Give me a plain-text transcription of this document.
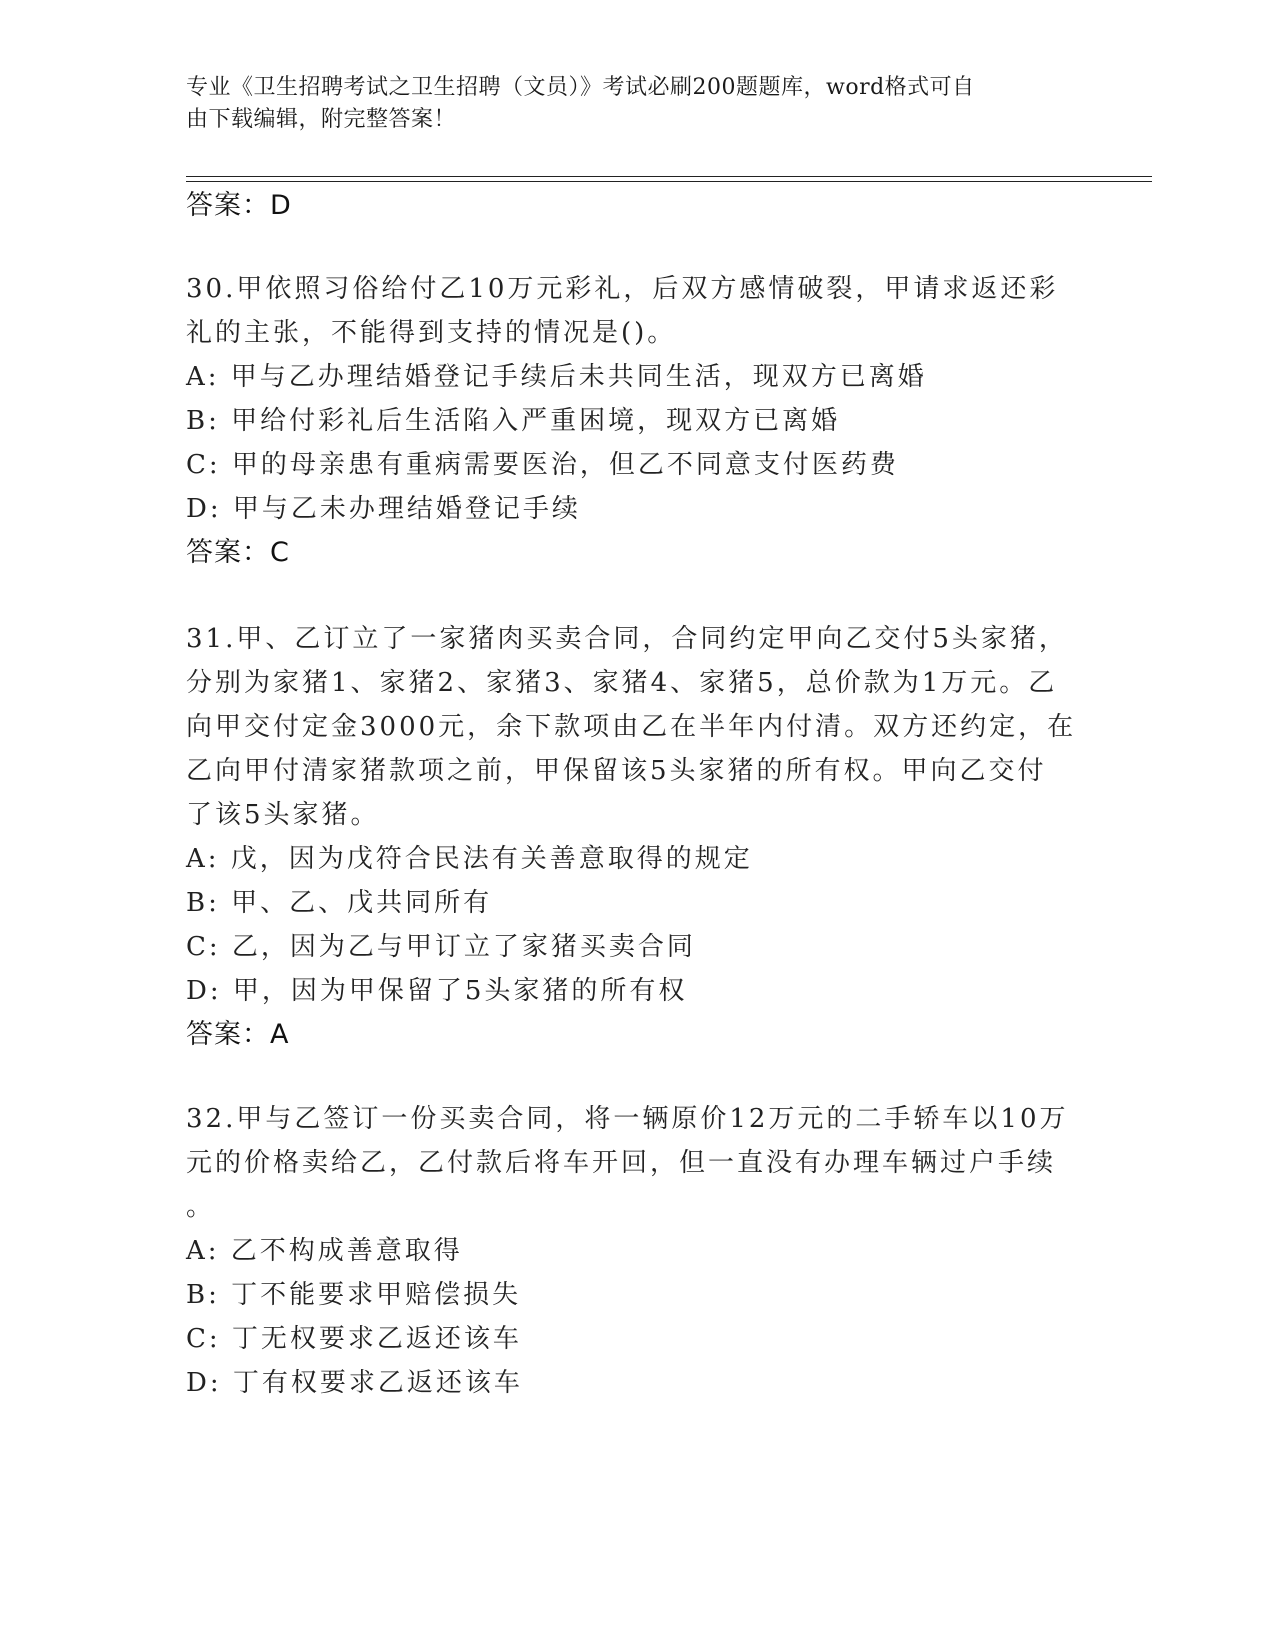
专业《卫生招聘考试之卫生招聘（文员）》考试必刷200题题库，word格式可自
由下载编辑，附完整答案！
答案：D
30.甲依照习俗给付乙10万元彩礼，后双方感情破裂，甲请求返还彩
礼的主张，不能得到支持的情况是()。
A: 甲与乙办理结婚登记手续后未共同生活，现双方已离婚
B: 甲给付彩礼后生活陷入严重困境，现双方已离婚
C: 甲的母亲患有重病需要医治，但乙不同意支付医药费
D: 甲与乙未办理结婚登记手续
答案：C
31.甲、乙订立了一家猪肉买卖合同，合同约定甲向乙交付5头家猪，
分别为家猪1、家猪2、家猪3、家猪4、家猪5，总价款为1万元。乙
向甲交付定金3000元，余下款项由乙在半年内付清。双方还约定，在
乙向甲付清家猪款项之前，甲保留该5头家猪的所有权。甲向乙交付
了该5头家猪。
A: 戊，因为戊符合民法有关善意取得的规定
B: 甲、乙、戊共同所有
C: 乙，因为乙与甲订立了家猪买卖合同
D: 甲，因为甲保留了5头家猪的所有权
答案：A
32.甲与乙签订一份买卖合同，将一辆原价12万元的二手轿车以10万
元的价格卖给乙，乙付款后将车开回，但一直没有办理车辆过户手续
。
A: 乙不构成善意取得
B: 丁不能要求甲赔偿损失
C: 丁无权要求乙返还该车
D: 丁有权要求乙返还该车
